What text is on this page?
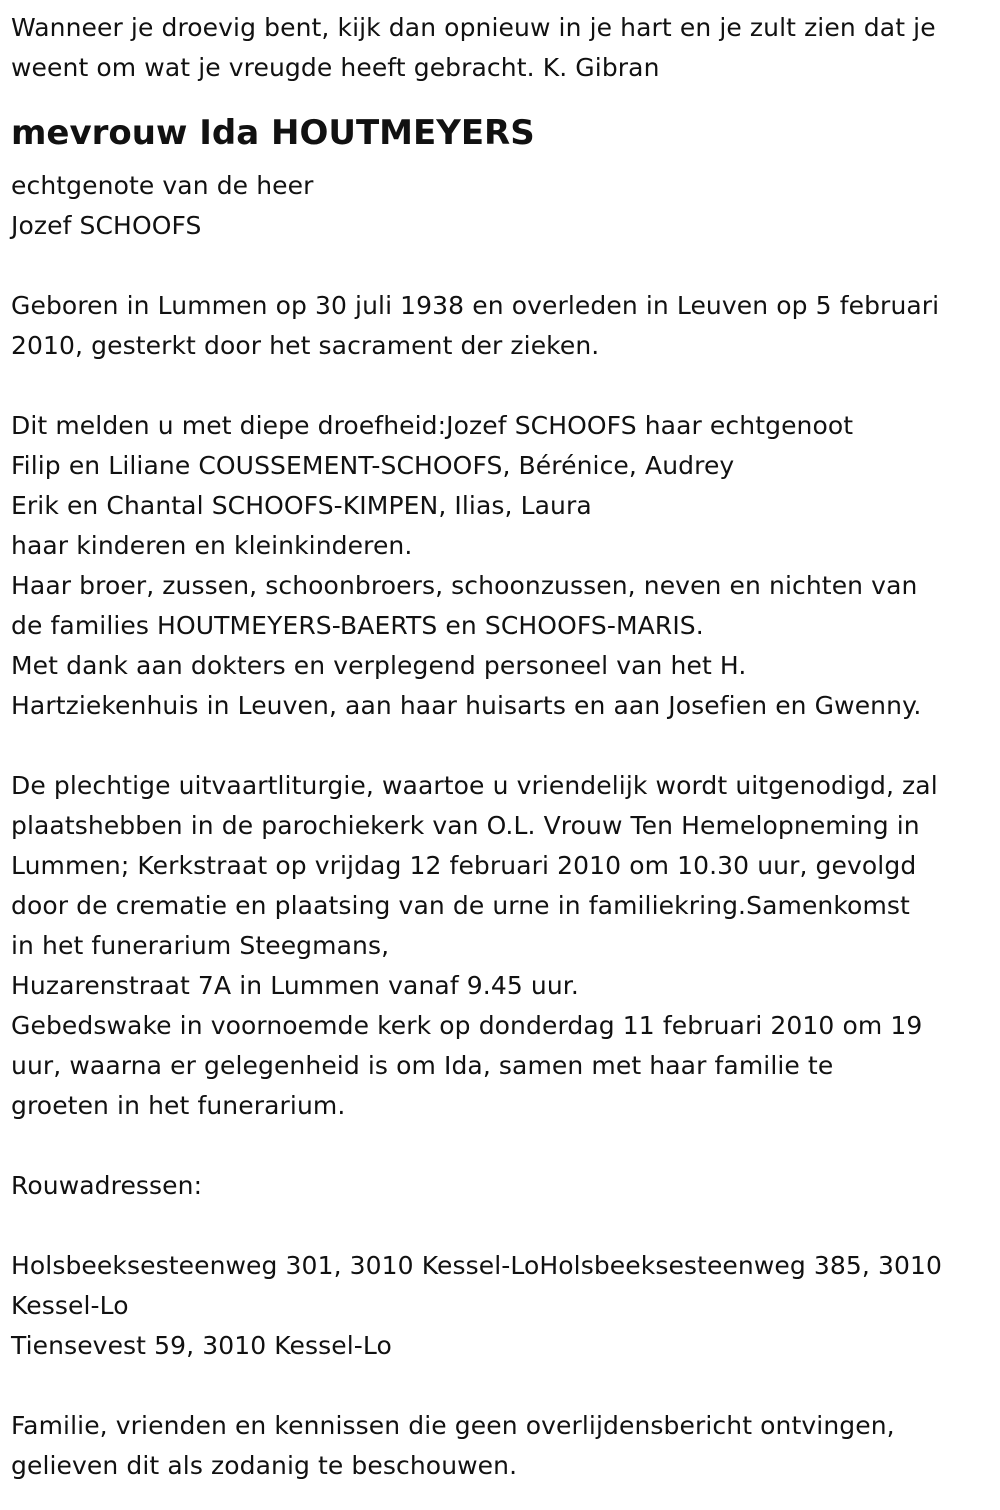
Wanneer je droevig bent, kijk dan opnieuw in je hart en je zult zien dat je
weent om wat je vreugde heeft gebracht. K. Gibran
mevrouw Ida HOUTMEYERS
echtgenote van de heer
Jozef SCHOOFS
Geboren in Lummen op 30 juli 1938 en overleden in Leuven op 5 februari
2010, gesterkt door het sacrament der zieken.
Dit melden u met diepe droefheid:Jozef SCHOOFS haar echtgenoot
Filip en Liliane COUSSEMENT-SCHOOFS, Bérénice, Audrey
Erik en Chantal SCHOOFS-KIMPEN, Ilias, Laura
haar kinderen en kleinkinderen.
Haar broer, zussen, schoonbroers, schoonzussen, neven en nichten van
de families HOUTMEYERS-BAERTS en SCHOOFS-MARIS.
Met dank aan dokters en verplegend personeel van het H.
Hartziekenhuis in Leuven, aan haar huisarts en aan Josefien en Gwenny.
De plechtige uitvaartliturgie, waartoe u vriendelijk wordt uitgenodigd, zal
plaatshebben in de parochiekerk van O.L. Vrouw Ten Hemelopneming in
Lummen; Kerkstraat op vrijdag 12 februari 2010 om 10.30 uur, gevolgd
door de crematie en plaatsing van de urne in familiekring.Samenkomst
in het funerarium Steegmans,
Huzarenstraat 7A in Lummen vanaf 9.45 uur.
Gebedswake in voornoemde kerk op donderdag 11 februari 2010 om 19
uur, waarna er gelegenheid is om Ida, samen met haar familie te
groeten in het funerarium.
Rouwadressen:
Holsbeeksesteenweg 301, 3010 Kessel-LoHolsbeeksesteenweg 385, 3010
Kessel-Lo
Tiensevest 59, 3010 Kessel-Lo
Familie, vrienden en kennissen die geen overlijdensbericht ontvingen,
gelieven dit als zodanig te beschouwen.
